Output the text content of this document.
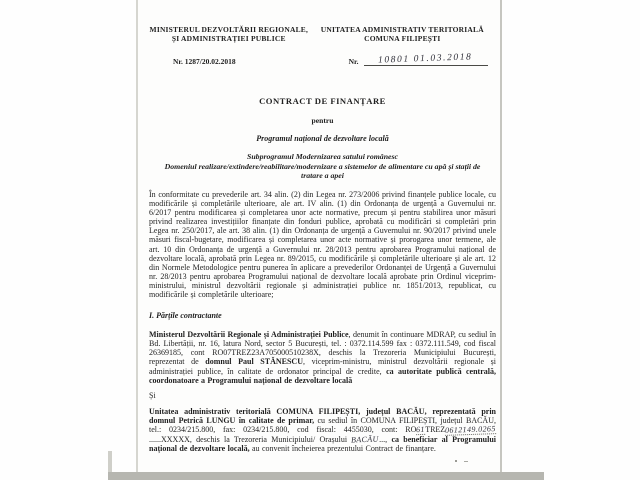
MINISTERUL DEZVOLTĂRII REGIONALE,
ȘI ADMINISTRAȚIEI PUBLICE
UNITATEA ADMINISTRATIV TERITORIALĂ
COMUNA FILIPEȘTI
Nr. 1287/20.02.2018	Nr.	10801 01.03.2018
CONTRACT DE FINANȚARE
pentru
Programul național de dezvoltare locală
Subprogramul Modernizarea satului românesc
Domeniul realizare/extindere/reabilitare/modernizare a sistemelor de alimentare cu apă și stații de tratare a apei

În conformitate cu prevederile art. 34 alin. (2) din Legea nr. 273/2006 privind finanțele publice locale, cu modificările și completările ulterioare, ale art. IV alin. (1) din Ordonanța de urgență a Guvernului nr. 6/2017 pentru modificarea și completarea unor acte normative, precum și pentru stabilirea unor măsuri privind realizarea investițiilor finanțate din fonduri publice, aprobată cu modificări si completări prin Legea nr. 250/2017, ale art. 38 alin. (1) din Ordonanța de urgență a Guvernului nr. 90/2017 privind unele măsuri fiscal-bugetare, modificarea și completarea unor acte normative și prorogarea unor termene, ale art. 10 din Ordonanța de urgență a Guvernului nr. 28/2013 pentru aprobarea Programului național de dezvoltare locală, aprobată prin Legea nr. 89/2015, cu modificările și completările ulterioare și ale art. 12 din Normele Metodologice pentru punerea în aplicare a prevederilor Ordonanței de Urgență a Guvernului nr. 28/2013 pentru aprobarea Programului național de dezvoltare locală aprobate prin Ordinul viceprim-ministrului, ministrul dezvoltării regionale și administrației publice nr. 1851/2013, republicat, cu modificările și completările ulterioare;

I. Părțile contractante

Ministerul Dezvoltării Regionale și Administrației Publice, denumit în continuare MDRAP, cu sediul în Bd. Libertății, nr. 16, latura Nord, sector 5 București, tel. : 0372.114.599 fax : 0372.111.549, cod fiscal 26369185, cont RO07TREZ23A705000510238X, deschis la Trezoreria Municipiului București, reprezentat de domnul Paul STĂNESCU, viceprim-ministru, ministrul dezvoltării regionale și administrației publice, în calitate de ordonator principal de credite, ca autoritate publică centrală, coordonatoare a Programului național de dezvoltare locală

Și

Unitatea administrativ teritorială COMUNA FILIPEȘTI, județul BACĂU, reprezentată prin domnul Petrică LUNGU în calitate de primar, cu sediul în COMUNA FILIPEȘTI, județul BACĂU, tel.: 0234/215.800, fax: 0234/215.800, cod fiscal: 4455030, cont: RO61TREZ0612149.0265......XXXXX, deschis la Trezoreria Municipiului/ Orașului BACĂU..., ca beneficiar al Programului național de dezvoltare locală, au convenit încheierea prezentului Contract de finanțare.
